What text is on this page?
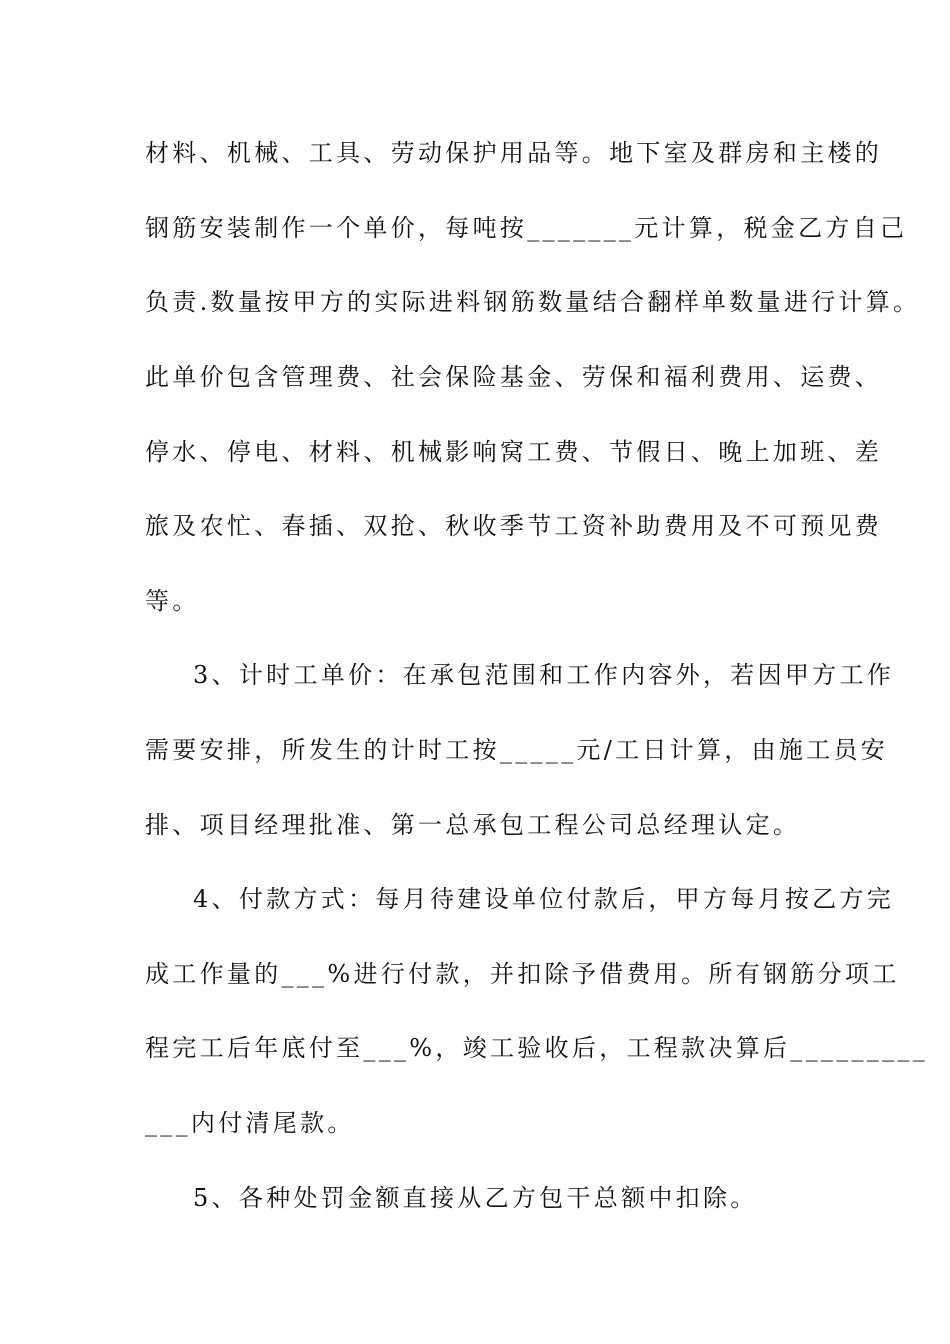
材料、机械、工具、劳动保护用品等。地下室及群房和主楼的
钢筋安装制作一个单价，每吨按_______元计算，税金乙方自己
负责.数量按甲方的实际进料钢筋数量结合翻样单数量进行计算。
此单价包含管理费、社会保险基金、劳保和福利费用、运费、
停水、停电、材料、机械影响窝工费、节假日、晚上加班、差
旅及农忙、春插、双抢、秋收季节工资补助费用及不可预见费
等。
3、计时工单价：在承包范围和工作内容外，若因甲方工作
需要安排，所发生的计时工按_____元/工日计算，由施工员安
排、项目经理批准、第一总承包工程公司总经理认定。
4、付款方式：每月待建设单位付款后，甲方每月按乙方完
成工作量的___%进行付款，并扣除予借费用。所有钢筋分项工
程完工后年底付至___%，竣工验收后，工程款决算后_________
___内付清尾款。
5、各种处罚金额直接从乙方包干总额中扣除。
